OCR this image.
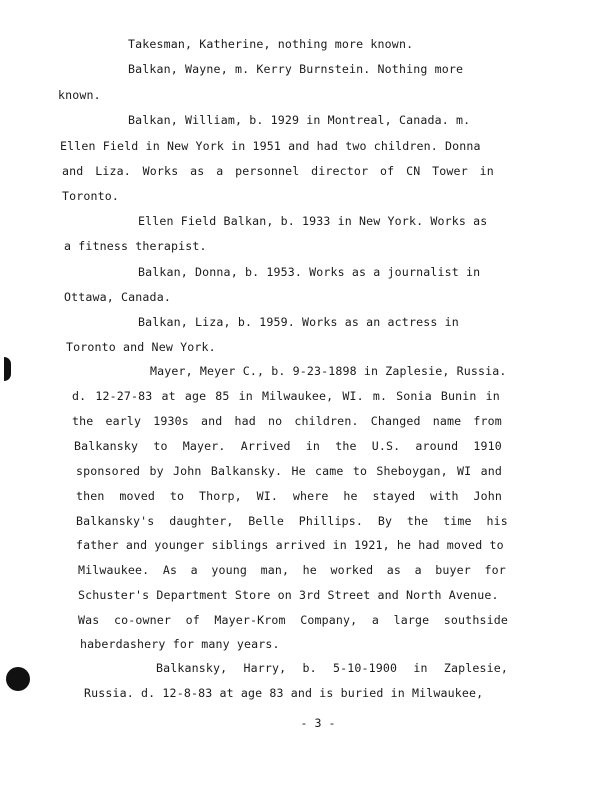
Takesman, Katherine, nothing more known.
Balkan, Wayne, m. Kerry Burnstein. Nothing more
known.
Balkan, William, b. 1929 in Montreal, Canada. m.
Ellen Field in New York in 1951 and had two children. Donna
and Liza. Works as a personnel director of CN Tower in
Toronto.
Ellen Field Balkan, b. 1933 in New York. Works as
a fitness therapist.
Balkan, Donna, b. 1953. Works as a journalist in
Ottawa, Canada.
Balkan, Liza, b. 1959. Works as an actress in
Toronto and New York.
Mayer, Meyer C., b. 9-23-1898 in Zaplesie, Russia.
d. 12-27-83 at age 85 in Milwaukee, WI. m. Sonia Bunin in
the early 1930s and had no children. Changed name from
Balkansky to Mayer. Arrived in the U.S. around 1910
sponsored by John Balkansky. He came to Sheboygan, WI and
then moved to Thorp, WI. where he stayed with John
Balkansky's daughter, Belle Phillips. By the time his
father and younger siblings arrived in 1921, he had moved to
Milwaukee. As a young man, he worked as a buyer for
Schuster's Department Store on 3rd Street and North Avenue.
Was co-owner of Mayer-Krom Company, a large southside
haberdashery for many years.
Balkansky, Harry, b. 5-10-1900 in Zaplesie,
Russia. d. 12-8-83 at age 83 and is buried in Milwaukee,
- 3 -
